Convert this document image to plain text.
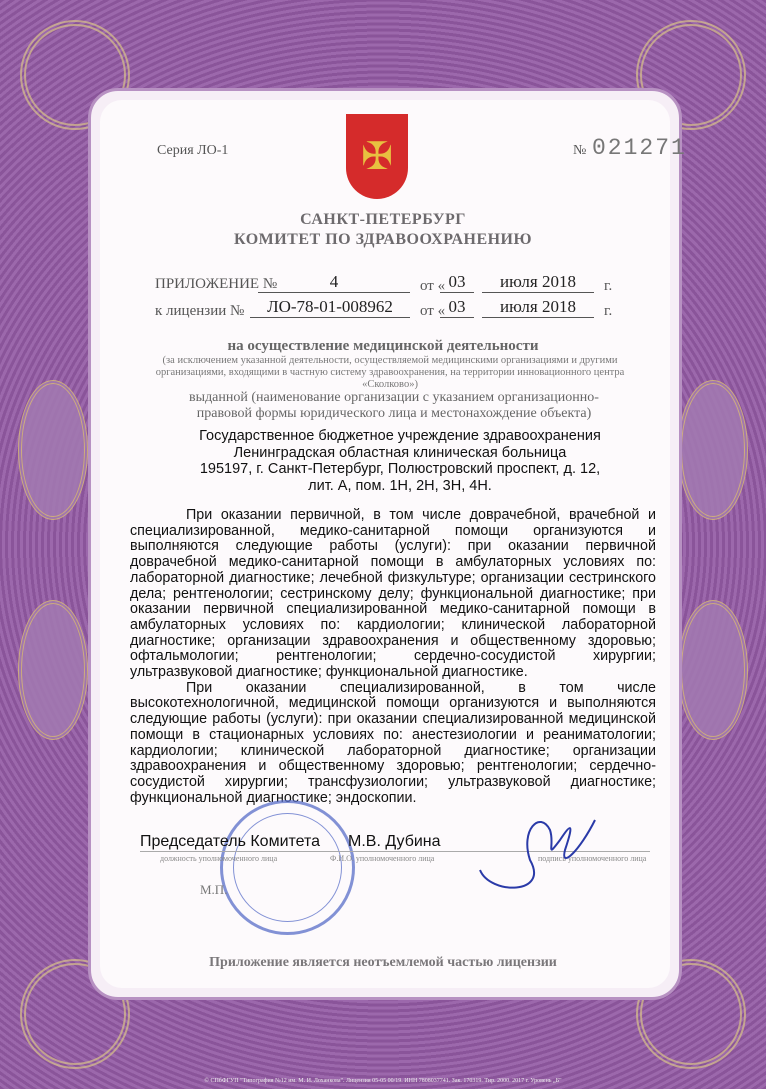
Серия ЛО-1	№ 021271
✠
САНКТ-ПЕТЕРБУРГ
КОМИТЕТ ПО ЗДРАВООХРАНЕНИЮ
ПРИЛОЖЕНИЕ №	4	от « 03	июля 2018	г.
к лицензии №	ЛО-78-01-008962	от « 03	июля 2018	г.
на осуществление медицинской деятельности
(за исключением указанной деятельности, осуществляемой медицинскими организациями и другими организациями, входящими в частную систему здравоохранения, на территории инновационного центра «Сколково»)
выданной (наименование организации с указанием организационно-правовой формы юридического лица и местонахождение объекта)
Государственное бюджетное учреждение здравоохранения
Ленинградская областная клиническая больница
195197, г. Санкт-Петербург, Полюстровский проспект, д. 12,
лит. А, пом. 1Н, 2Н, 3Н, 4Н.

При оказании первичной, в том числе доврачебной, врачебной и специализированной, медико-санитарной помощи организуются и выполняются следующие работы (услуги): при оказании первичной доврачебной медико-санитарной помощи в амбулаторных условиях по: лабораторной диагностике; лечебной физкультуре; организации сестринского дела; рентгенологии; сестринскому делу; функциональной диагностике; при оказании первичной специализированной медико-санитарной помощи в амбулаторных условиях по: кардиологии; клинической лабораторной диагностике; организации здравоохранения и общественному здоровью; офтальмологии; рентгенологии; сердечно-сосудистой хирургии; ультразвуковой диагностике; функциональной диагностике.

При оказании специализированной, в том числе высокотехнологичной, медицинской помощи организуются и выполняются следующие работы (услуги): при оказании специализированной медицинской помощи в стационарных условиях по: анестезиологии и реаниматологии; кардиологии; клинической лабораторной диагностике; организации здравоохранения и общественному здоровью; рентгенологии; сердечно-сосудистой хирургии; трансфузиологии; ультразвуковой диагностике; функциональной диагностике; эндоскопии.

Председатель Комитета М.В. Дубина
должность уполномоченного лица	Ф.И.О. уполномоченного лица	подпись уполномоченного лица
М.П.
Приложение является неотъемлемой частью лицензии
© СПбФГУП "Типография №12 им. М. И. Лоханкова". Лицензия 05-05 00/19. ИНН 7808037741. Зак. 170319. Тир. 2000. 2017 г. Уровень „Б"
